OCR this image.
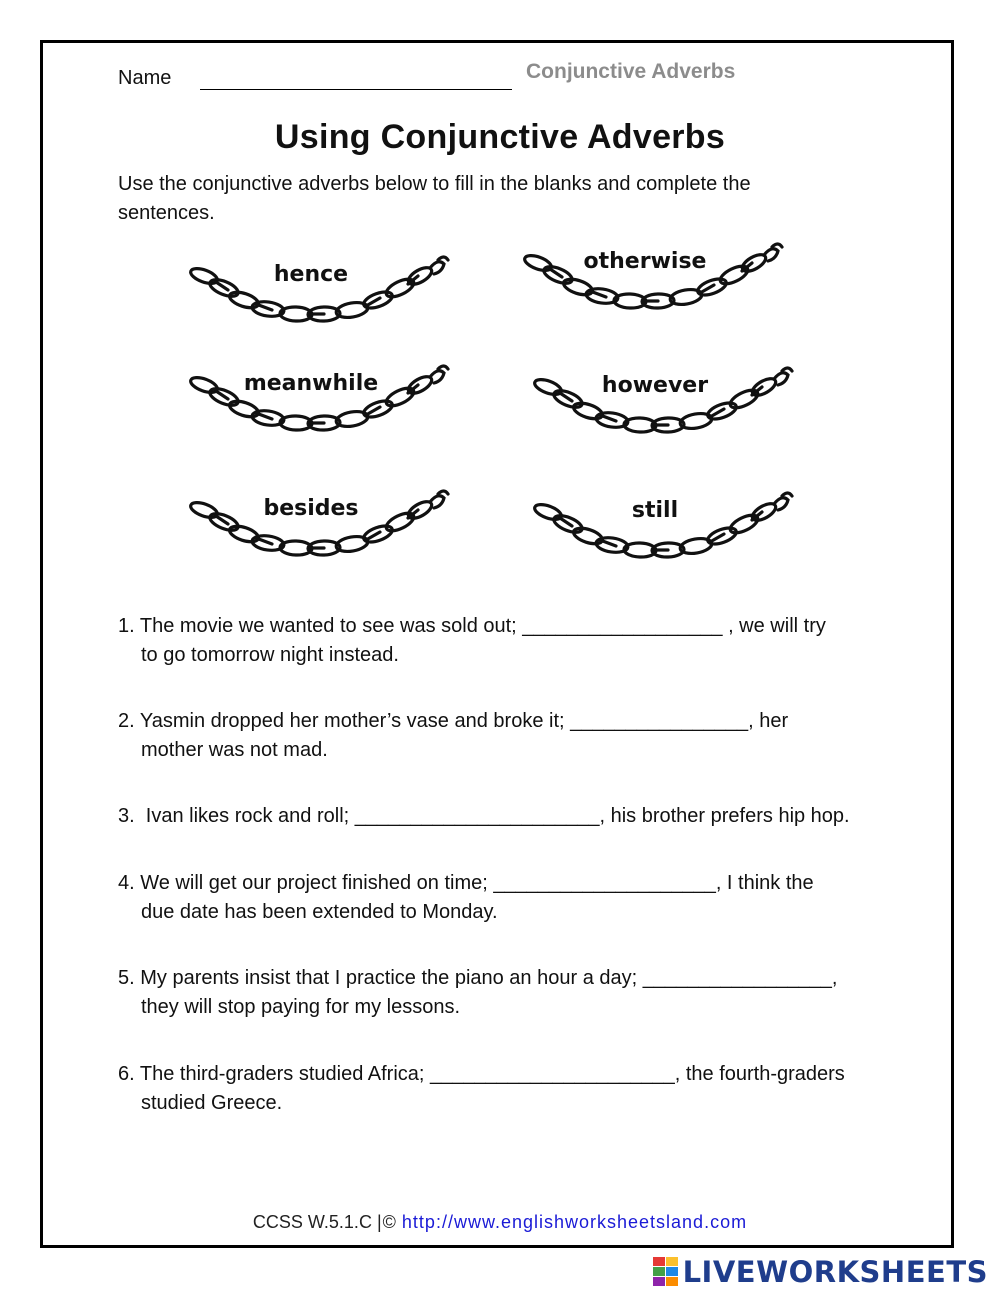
Name	Conjunctive Adverbs
Using Conjunctive Adverbs
Use the conjunctive adverbs below to fill in the blanks and complete the sentences.
hence
otherwise
meanwhile	however
besides	still
1. The movie we wanted to see was sold out; __________________ , we will try
to go tomorrow night instead.
2. Yasmin dropped her mother’s vase and broke it; ________________, her
mother was not mad.
3.  Ivan likes rock and roll; ______________________, his brother prefers hip hop.
4. We will get our project finished on time; ____________________, I think the
due date has been extended to Monday.
5. My parents insist that I practice the piano an hour a day; _________________,
they will stop paying for my lessons.
6. The third-graders studied Africa; ______________________, the fourth-graders
studied Greece.
CCSS W.5.1.C |© http://www.englishworksheetsland.com
LIVEWORKSHEETS
